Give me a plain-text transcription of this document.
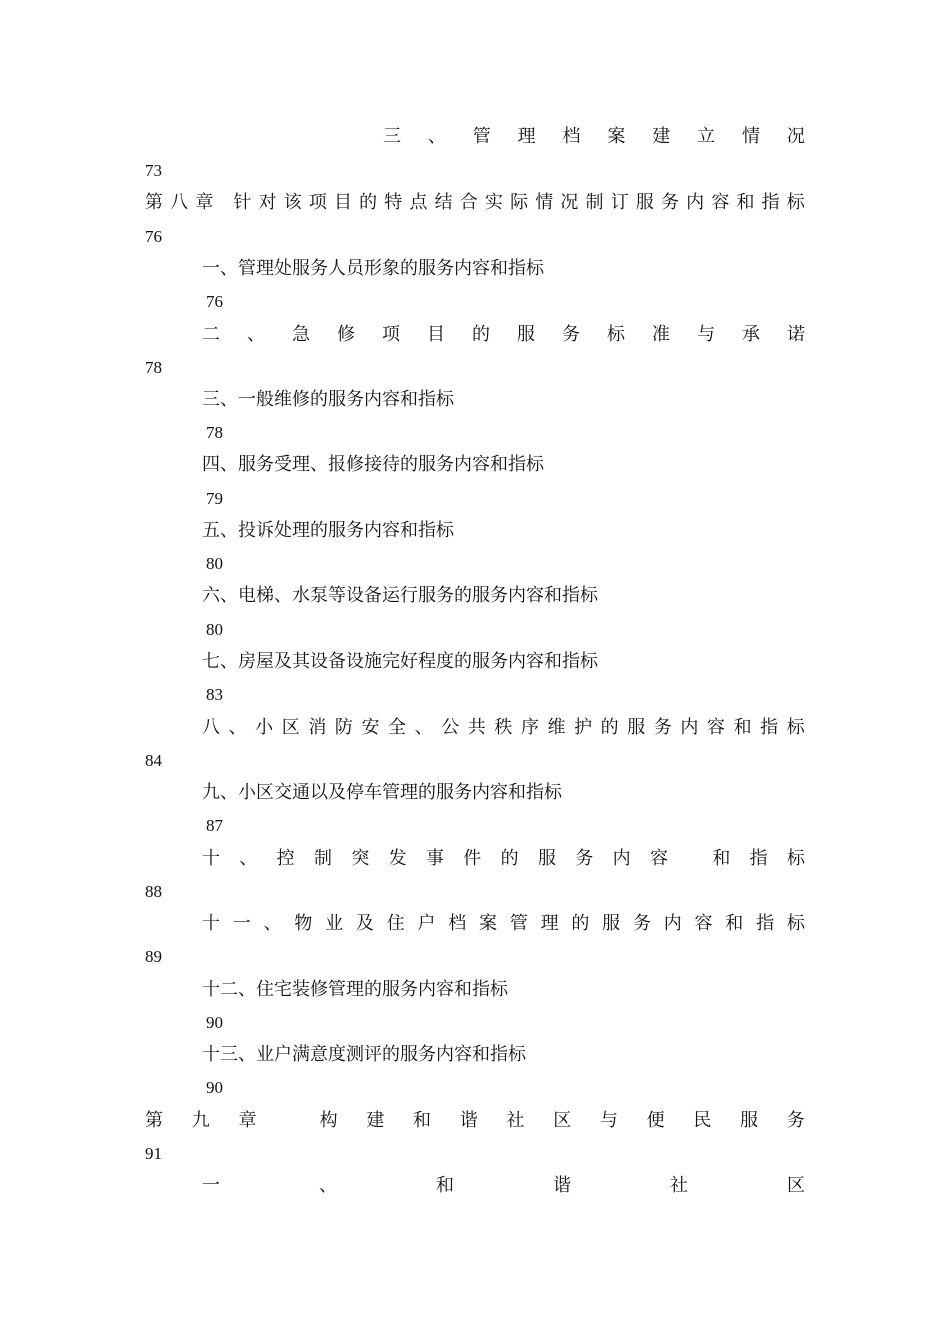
三 、 管 理 档 案 建 立 情 况
73
第 八 章
针 对 该 项 目 的 特 点 结 合 实 际 情 况 制 订 服 务 内 容 和 指 标
76
一、管理处服务人员形象的服务内容和指标
76
二 、 急 修 项 目 的 服 务 标 准 与 承 诺
78
三、一般维修的服务内容和指标
78
四、服务受理、报修接待的服务内容和指标
79
五、投诉处理的服务内容和指标
80
六、电梯、水泵等设备运行服务的服务内容和指标
80
七、房屋及其设备设施完好程度的服务内容和指标
83
八 、 小 区 消 防 安 全 、 公 共 秩 序 维 护 的 服 务 内 容 和 指 标
84
九、小区交通以及停车管理的服务内容和指标
87
十 、 控 制 突 发 事 件 的 服 务 内 容
和 指 标
88
十 一 、 物 业 及 住 户 档 案 管 理 的 服 务 内 容 和 指 标
89
十二、住宅装修管理的服务内容和指标
90
十三、业户满意度测评的服务内容和指标
90
第 九 章
	构 建 和 谐 社 区 与 便 民 服 务
91
一	、	和	谐	社	区
